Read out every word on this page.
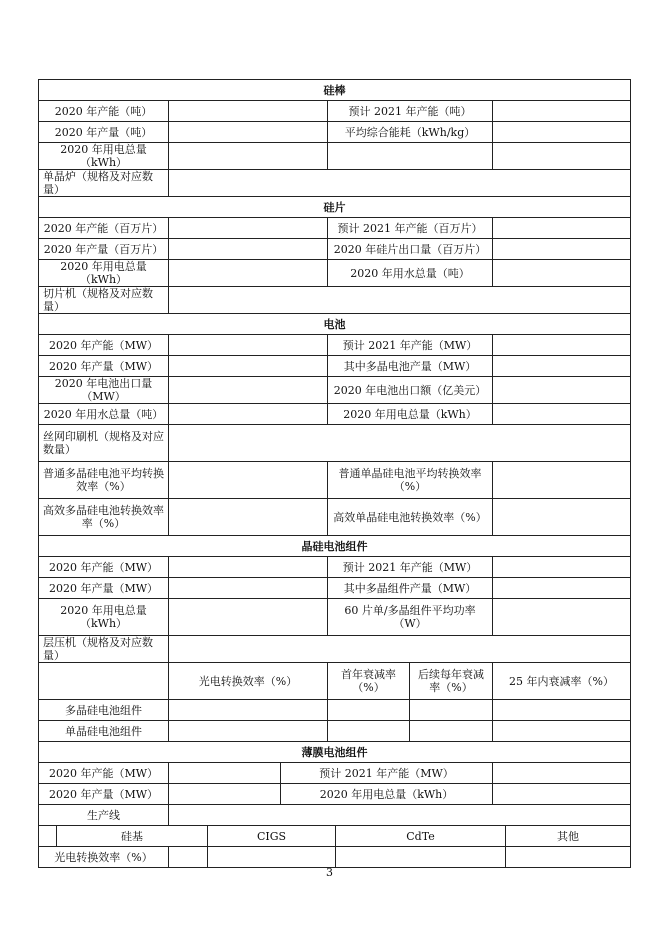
硅棒									
2020 年产能（吨）					预计 2021 年产能（吨）				
2020 年产量（吨）					平均综合能耗（kWh/kg）				
2020 年用电总量（kWh）									
单晶炉（规格及对应数量）									
硅片									
2020 年产能（百万片）					预计 2021 年产能（百万片）				
2020 年产量（百万片）					2020 年硅片出口量（百万片）				
2020 年用电总量（kWh）					2020 年用水总量（吨）				
切片机（规格及对应数量）									
电池									
2020 年产能（MW）					预计 2021 年产能（MW）				
2020 年产量（MW）					其中多晶电池产量（MW）				
2020 年电池出口量（MW）					2020 年电池出口额（亿美元）				
2020 年用水总量（吨）					2020 年用电总量（kWh）				
丝网印刷机（规格及对应数量）									
普通多晶硅电池平均转换效率（%）					普通单晶硅电池平均转换效率（%）				
高效多晶硅电池转换效率率（%）					高效单晶硅电池转换效率（%）				
晶硅电池组件									
2020 年产能（MW）					预计 2021 年产能（MW）				
2020 年产量（MW）					其中多晶组件产量（MW）				
2020 年用电总量（kWh）					60 片单/多晶组件平均功率（W）				
层压机（规格及对应数量）									
		光电转换效率（%）			首年衰减率（%）		后续每年衰减率（%）	25 年内衰减率（%）	
多晶硅电池组件									
单晶硅电池组件									
薄膜电池组件									
2020 年产能（MW）				预计 2021 年产能（MW）					
2020 年产量（MW）				2020 年用电总量（kWh）					
生产线									
	硅基		CIGS			CdTe			其他
光电转换效率（%）									
3
